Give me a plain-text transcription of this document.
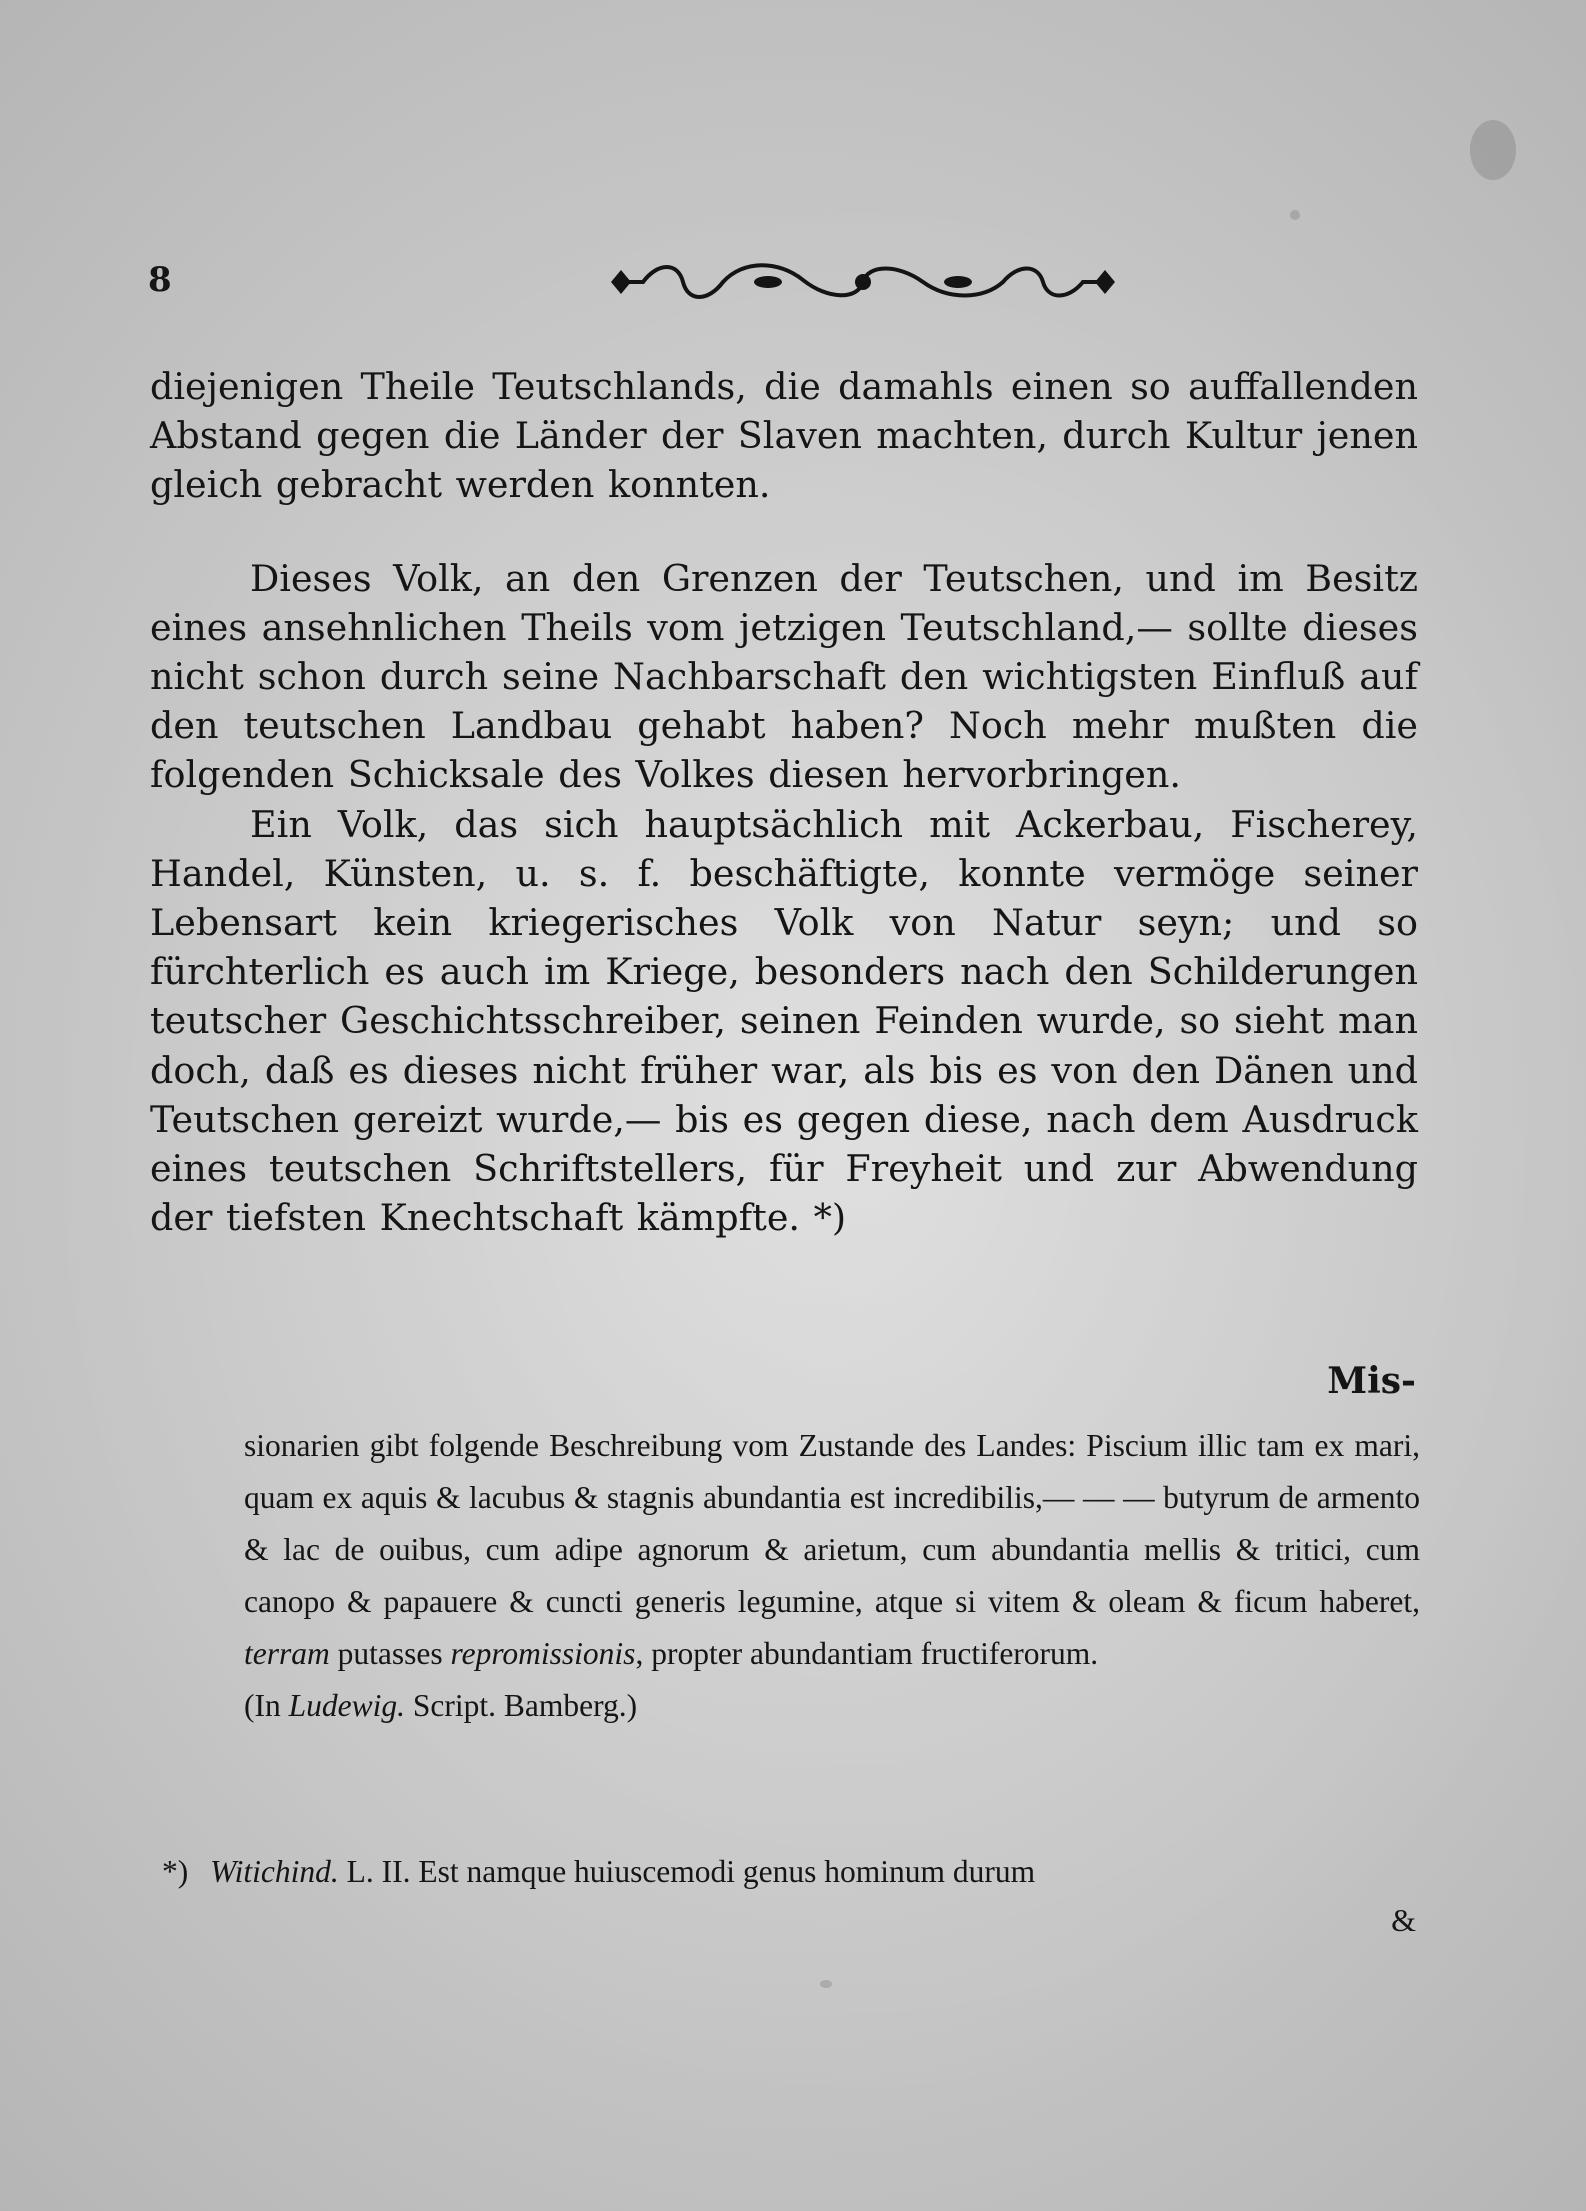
8

diejenigen Theile Teutschlands, die damahls einen so auffallenden Abstand gegen die Länder der Slaven machten, durch Kultur jenen gleich gebracht werden konnten.

Dieses Volk, an den Grenzen der Teutschen, und im Besitz eines ansehnlichen Theils vom jetzigen Teutschland,— sollte dieses nicht schon durch seine Nachbarschaft den wichtigsten Einfluß auf den teutschen Landbau gehabt haben? Noch mehr mußten die folgenden Schicksale des Volkes diesen hervorbringen.

Ein Volk, das sich hauptsächlich mit Ackerbau, Fischerey, Handel, Künsten, u. s. f. beschäftigte, konnte vermöge seiner Lebensart kein kriegerisches Volk von Natur seyn; und so fürchterlich es auch im Kriege, besonders nach den Schilderungen teutscher Geschichtsschreiber, seinen Feinden wurde, so sieht man doch, daß es dieses nicht früher war, als bis es von den Dänen und Teutschen gereizt wurde,— bis es gegen diese, nach dem Ausdruck eines teutschen Schriftstellers, für Freyheit und zur Abwendung der tiefsten Knechtschaft kämpfte. *)

Mis-

sionarien gibt folgende Beschreibung vom Zustande des Landes: Piscium illic tam ex mari, quam ex aquis & lacubus & stagnis abundantia est incredibilis,— — — butyrum de armento & lac de ouibus, cum adipe agnorum & arietum, cum abundantia mellis & tritici, cum canopo & papauere & cuncti generis legumine, atque si vitem & oleam & ficum haberet, terram putasses repromissionis, propter abundantiam fructiferorum.
(In Ludewig. Script. Bamberg.)

*) Witichind. L. II. Est namque huiuscemodi genus hominum durum
&
